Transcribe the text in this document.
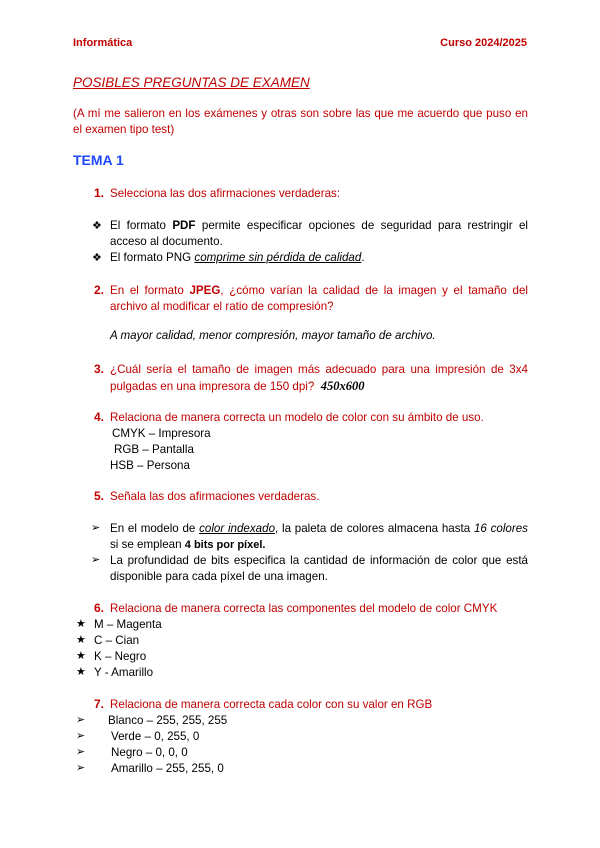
Informática	Curso 2024/2025
POSIBLES PREGUNTAS DE EXAMEN
(A mí me salieron en los exámenes y otras son sobre las que me acuerdo que puso en el examen tipo test)
TEMA 1
1. Selecciona las dos afirmaciones verdaderas:
❖ El formato PDF permite especificar opciones de seguridad para restringir el acceso al documento.
❖ El formato PNG comprime sin pérdida de calidad.
2. En el formato JPEG, ¿cómo varían la calidad de la imagen y el tamaño del archivo al modificar el ratio de compresión?
A mayor calidad, menor compresión, mayor tamaño de archivo.
3. ¿Cuál sería el tamaño de imagen más adecuado para una impresión de 3x4 pulgadas en una impresora de 150 dpi? 450x600
4. Relaciona de manera correcta un modelo de color con su ámbito de uso.
CMYK – Impresora
RGB – Pantalla
HSB – Persona
5. Señala las dos afirmaciones verdaderas.
➢ En el modelo de color indexado, la paleta de colores almacena hasta 16 colores si se emplean 4 bits por píxel.
➢ La profundidad de bits especifica la cantidad de información de color que está disponible para cada píxel de una imagen.
6. Relaciona de manera correcta las componentes del modelo de color CMYK
★ M – Magenta
★ C – Cian
★ K – Negro
★ Y - Amarillo
7. Relaciona de manera correcta cada color con su valor en RGB
➢	Blanco – 255, 255, 255
➢	Verde – 0, 255, 0
➢	Negro – 0, 0, 0
➢	Amarillo – 255, 255, 0
